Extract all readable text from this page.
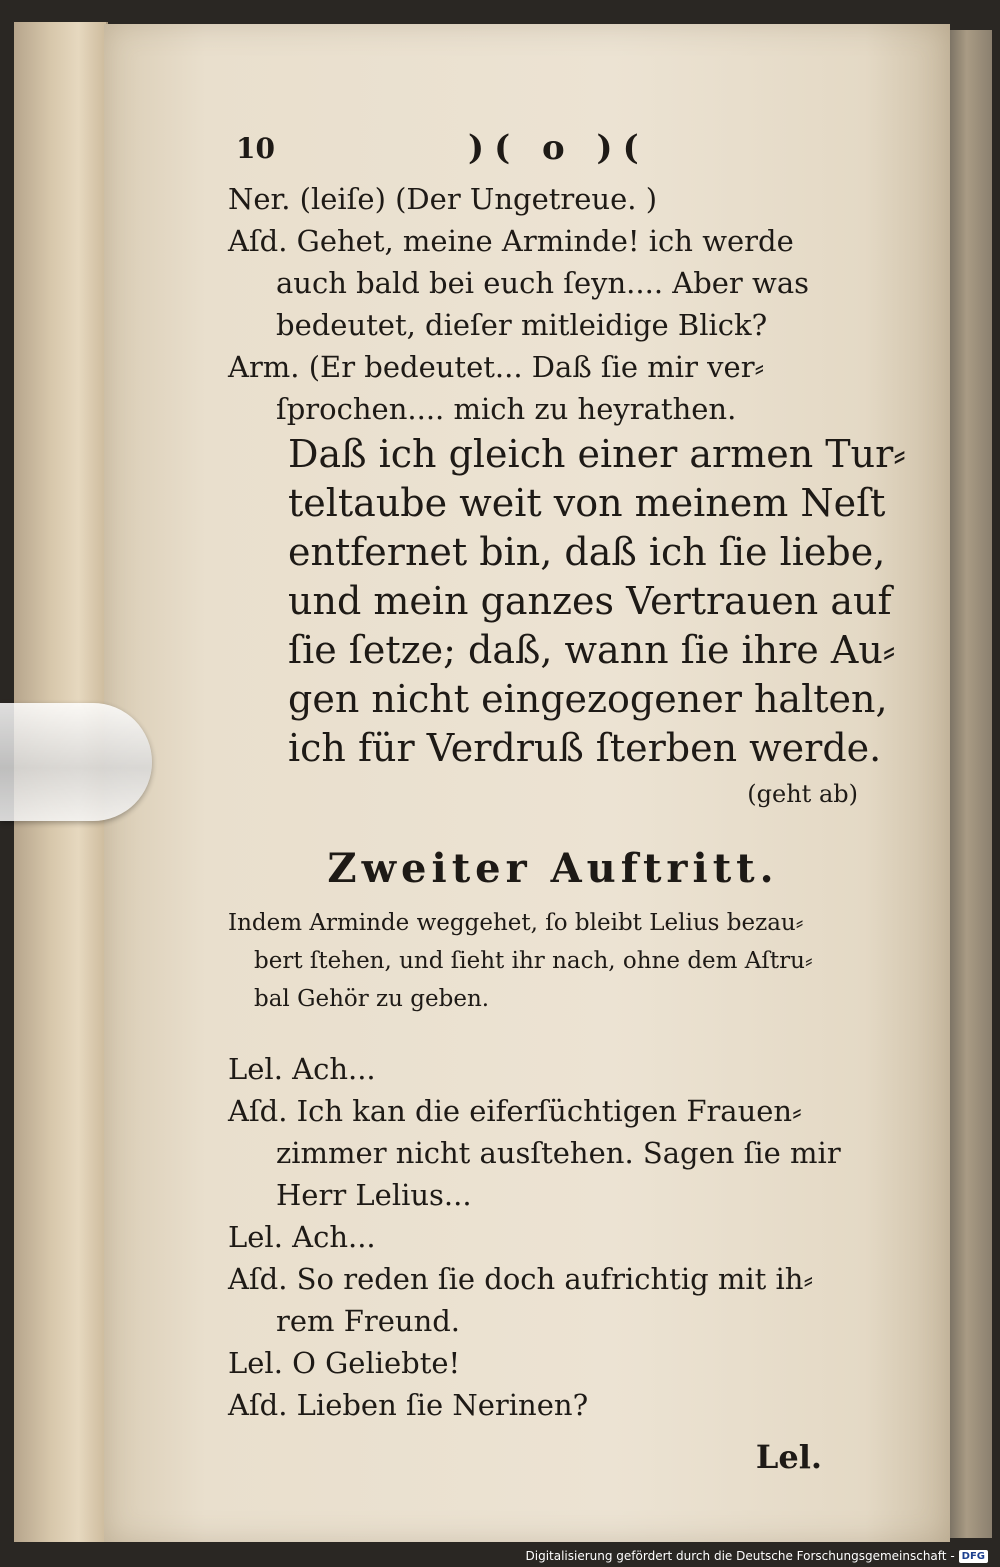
10	)( o )(
Ner. (leiſe) (Der Ungetreue. )
Aſd. Gehet, meine Arminde! ich werde
auch bald bei euch ſeyn.... Aber was
bedeutet, dieſer mitleidige Blick?
Arm. (Er bedeutet... Daß ſie mir ver⸗
ſprochen.... mich zu heyrathen.
Daß ich gleich einer armen Tur⸗
teltaube weit von meinem Neſt
entfernet bin, daß ich ſie liebe,
und mein ganzes Vertrauen auf
ſie ſetze; daß, wann ſie ihre Au⸗
gen nicht eingezogener halten,
ich für Verdruß ſterben werde.
(geht ab)
Zweiter Auftritt.
Indem Arminde weggehet, ſo bleibt Lelius bezau⸗
bert ſtehen, und ſieht ihr nach, ohne dem Aſtru⸗
bal Gehör zu geben.
Lel. Ach...
Aſd. Ich kan die eiferſüchtigen Frauen⸗
zimmer nicht ausſtehen. Sagen ſie mir
Herr Lelius...
Lel. Ach...
Aſd. So reden ſie doch aufrichtig mit ih⸗
rem Freund.
Lel. O Geliebte!
Aſd. Lieben ſie Nerinen?
Lel.
Digitalisierung gefördert durch die Deutsche Forschungsgemeinschaft - DFG
